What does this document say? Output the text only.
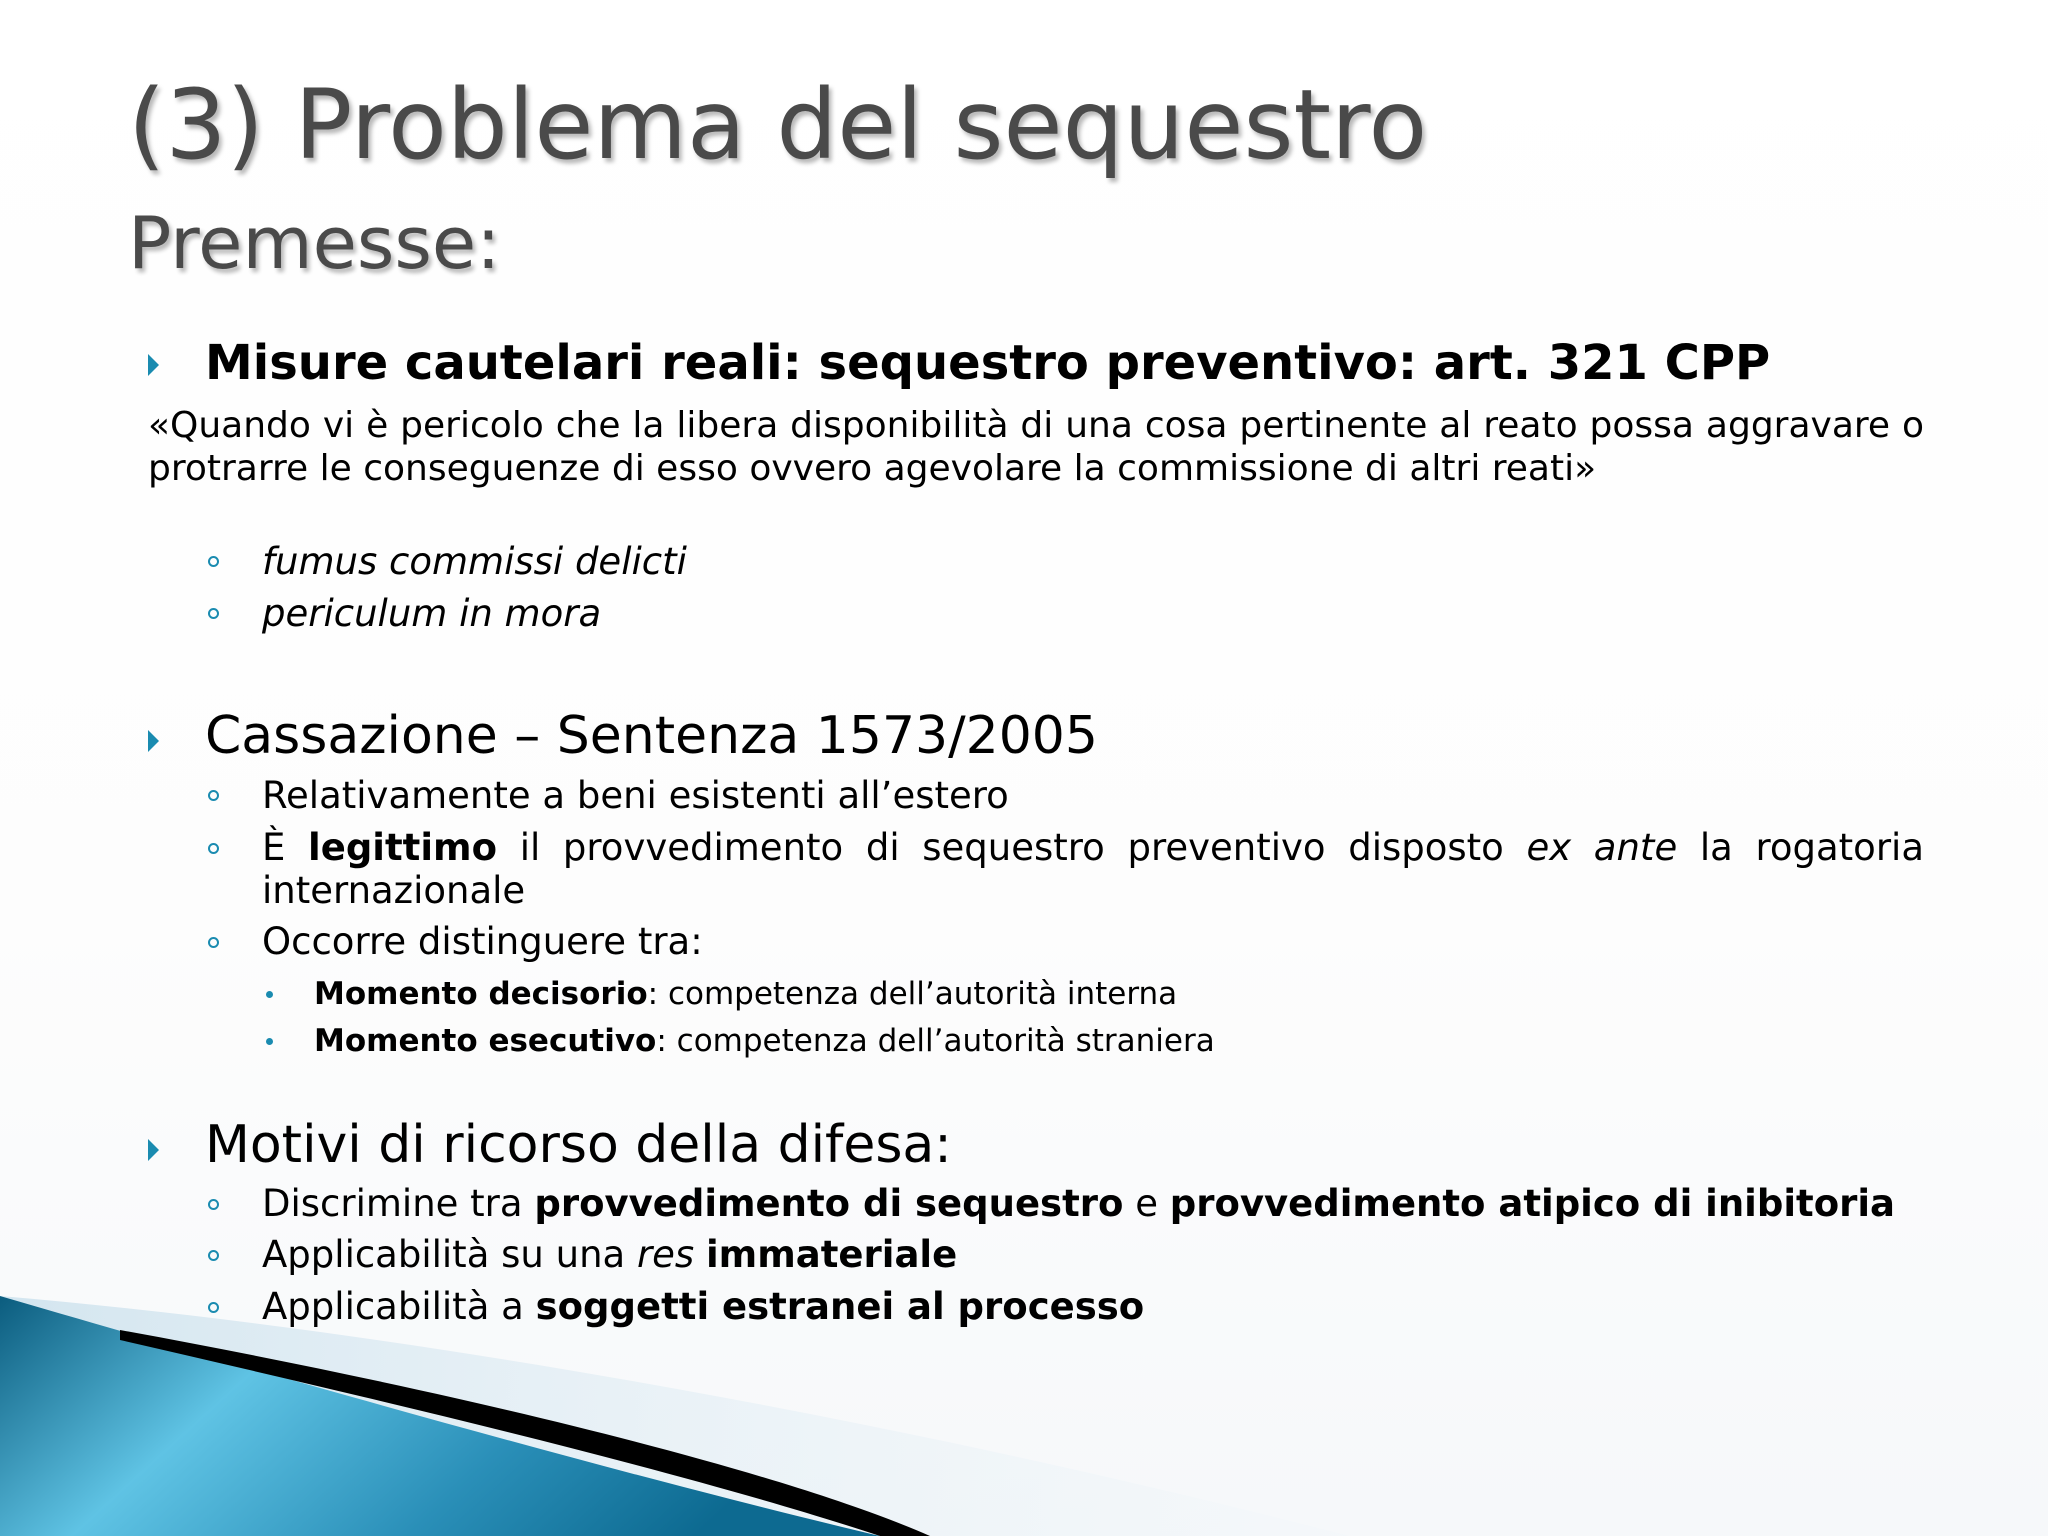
(3) Problema del sequestro
Premesse:
Misure cautelari reali: sequestro preventivo: art. 321 CPP
«Quando vi è pericolo che la libera disponibilità di una cosa pertinente al reato possa aggravare o protrarre le conseguenze di esso ovvero agevolare la commissione di altri reati»
fumus commissi delicti
periculum in mora
Cassazione – Sentenza 1573/2005
Relativamente a beni esistenti all’estero
È legittimo il provvedimento di sequestro preventivo disposto ex ante la rogatoria internazionale
Occorre distinguere tra:
Momento decisorio: competenza dell’autorità interna
Momento esecutivo: competenza dell’autorità straniera
Motivi di ricorso della difesa:
Discrimine tra provvedimento di sequestro e provvedimento atipico di inibitoria
Applicabilità su una res immateriale
Applicabilità a soggetti estranei al processo
